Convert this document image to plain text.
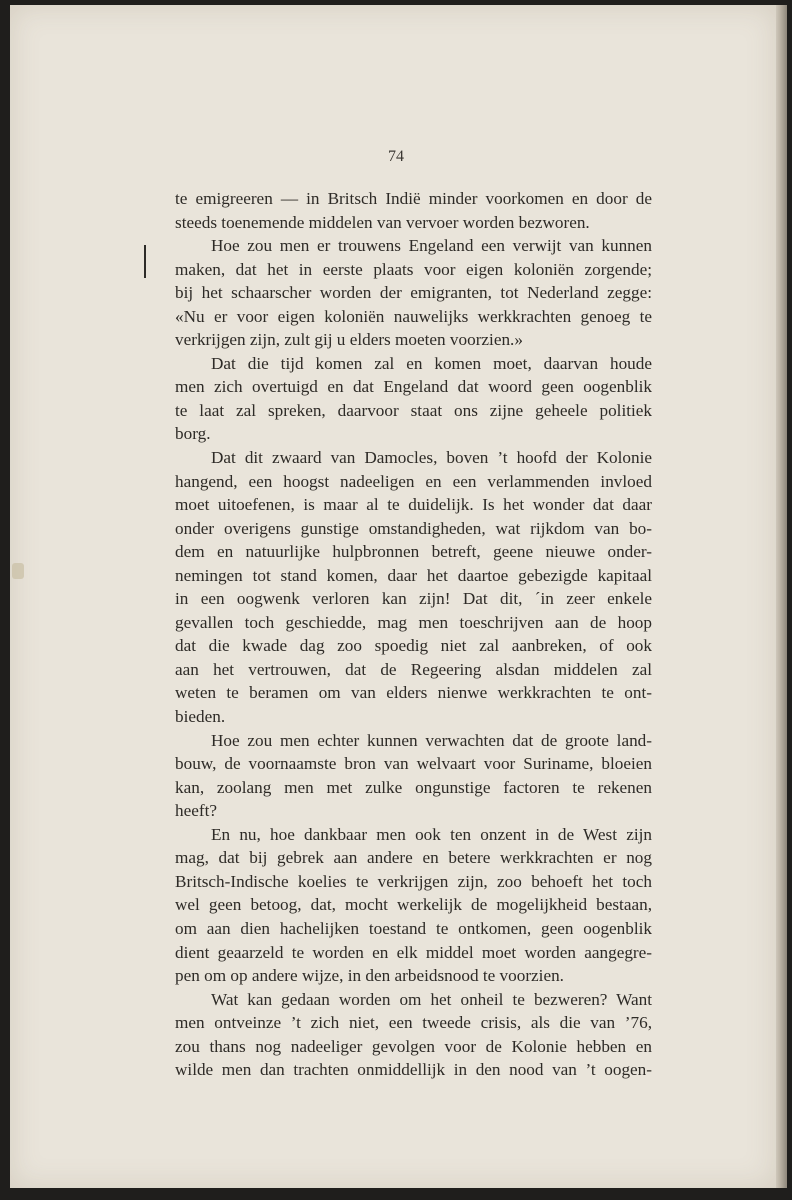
74
te emigreeren — in Britsch Indië minder voorkomen en door de
steeds toenemende middelen van vervoer worden bezworen.
Hoe zou men er trouwens Engeland een verwijt van kunnen
maken, dat het in eerste plaats voor eigen koloniën zorgende;
bij het schaarscher worden der emigranten, tot Nederland zegge:
«Nu er voor eigen koloniën nauwelijks werkkrachten genoeg te
verkrijgen zijn, zult gij u elders moeten voorzien.»
Dat die tijd komen zal en komen moet, daarvan houde
men zich overtuigd en dat Engeland dat woord geen oogenblik
te laat zal spreken, daarvoor staat ons zijne geheele politiek
borg.
Dat dit zwaard van Damocles, boven ’t hoofd der Kolonie
hangend, een hoogst nadeeligen en een verlammenden invloed
moet uitoefenen, is maar al te duidelijk. Is het wonder dat daar
onder overigens gunstige omstandigheden, wat rijkdom van bo-
dem en natuurlijke hulpbronnen betreft, geene nieuwe onder-
nemingen tot stand komen, daar het daartoe gebezigde kapitaal
in een oogwenk verloren kan zijn! Dat dit, ´in zeer enkele
gevallen toch geschiedde, mag men toeschrijven aan de hoop
dat die kwade dag zoo spoedig niet zal aanbreken, of ook
aan het vertrouwen, dat de Regeering alsdan middelen zal
weten te beramen om van elders nienwe werkkrachten te ont-
bieden.
Hoe zou men echter kunnen verwachten dat de groote land-
bouw, de voornaamste bron van welvaart voor Suriname, bloeien
kan, zoolang men met zulke ongunstige factoren te rekenen
heeft?
En nu, hoe dankbaar men ook ten onzent in de West zijn
mag, dat bij gebrek aan andere en betere werkkrachten er nog
Britsch-Indische koelies te verkrijgen zijn, zoo behoeft het toch
wel geen betoog, dat, mocht werkelijk de mogelijkheid bestaan,
om aan dien hachelijken toestand te ontkomen, geen oogenblik
dient geaarzeld te worden en elk middel moet worden aangegre-
pen om op andere wijze, in den arbeidsnood te voorzien.
Wat kan gedaan worden om het onheil te bezweren? Want
men ontveinze ’t zich niet, een tweede crisis, als die van ’76,
zou thans nog nadeeliger gevolgen voor de Kolonie hebben en
wilde men dan trachten onmiddellijk in den nood van ’t oogen-
